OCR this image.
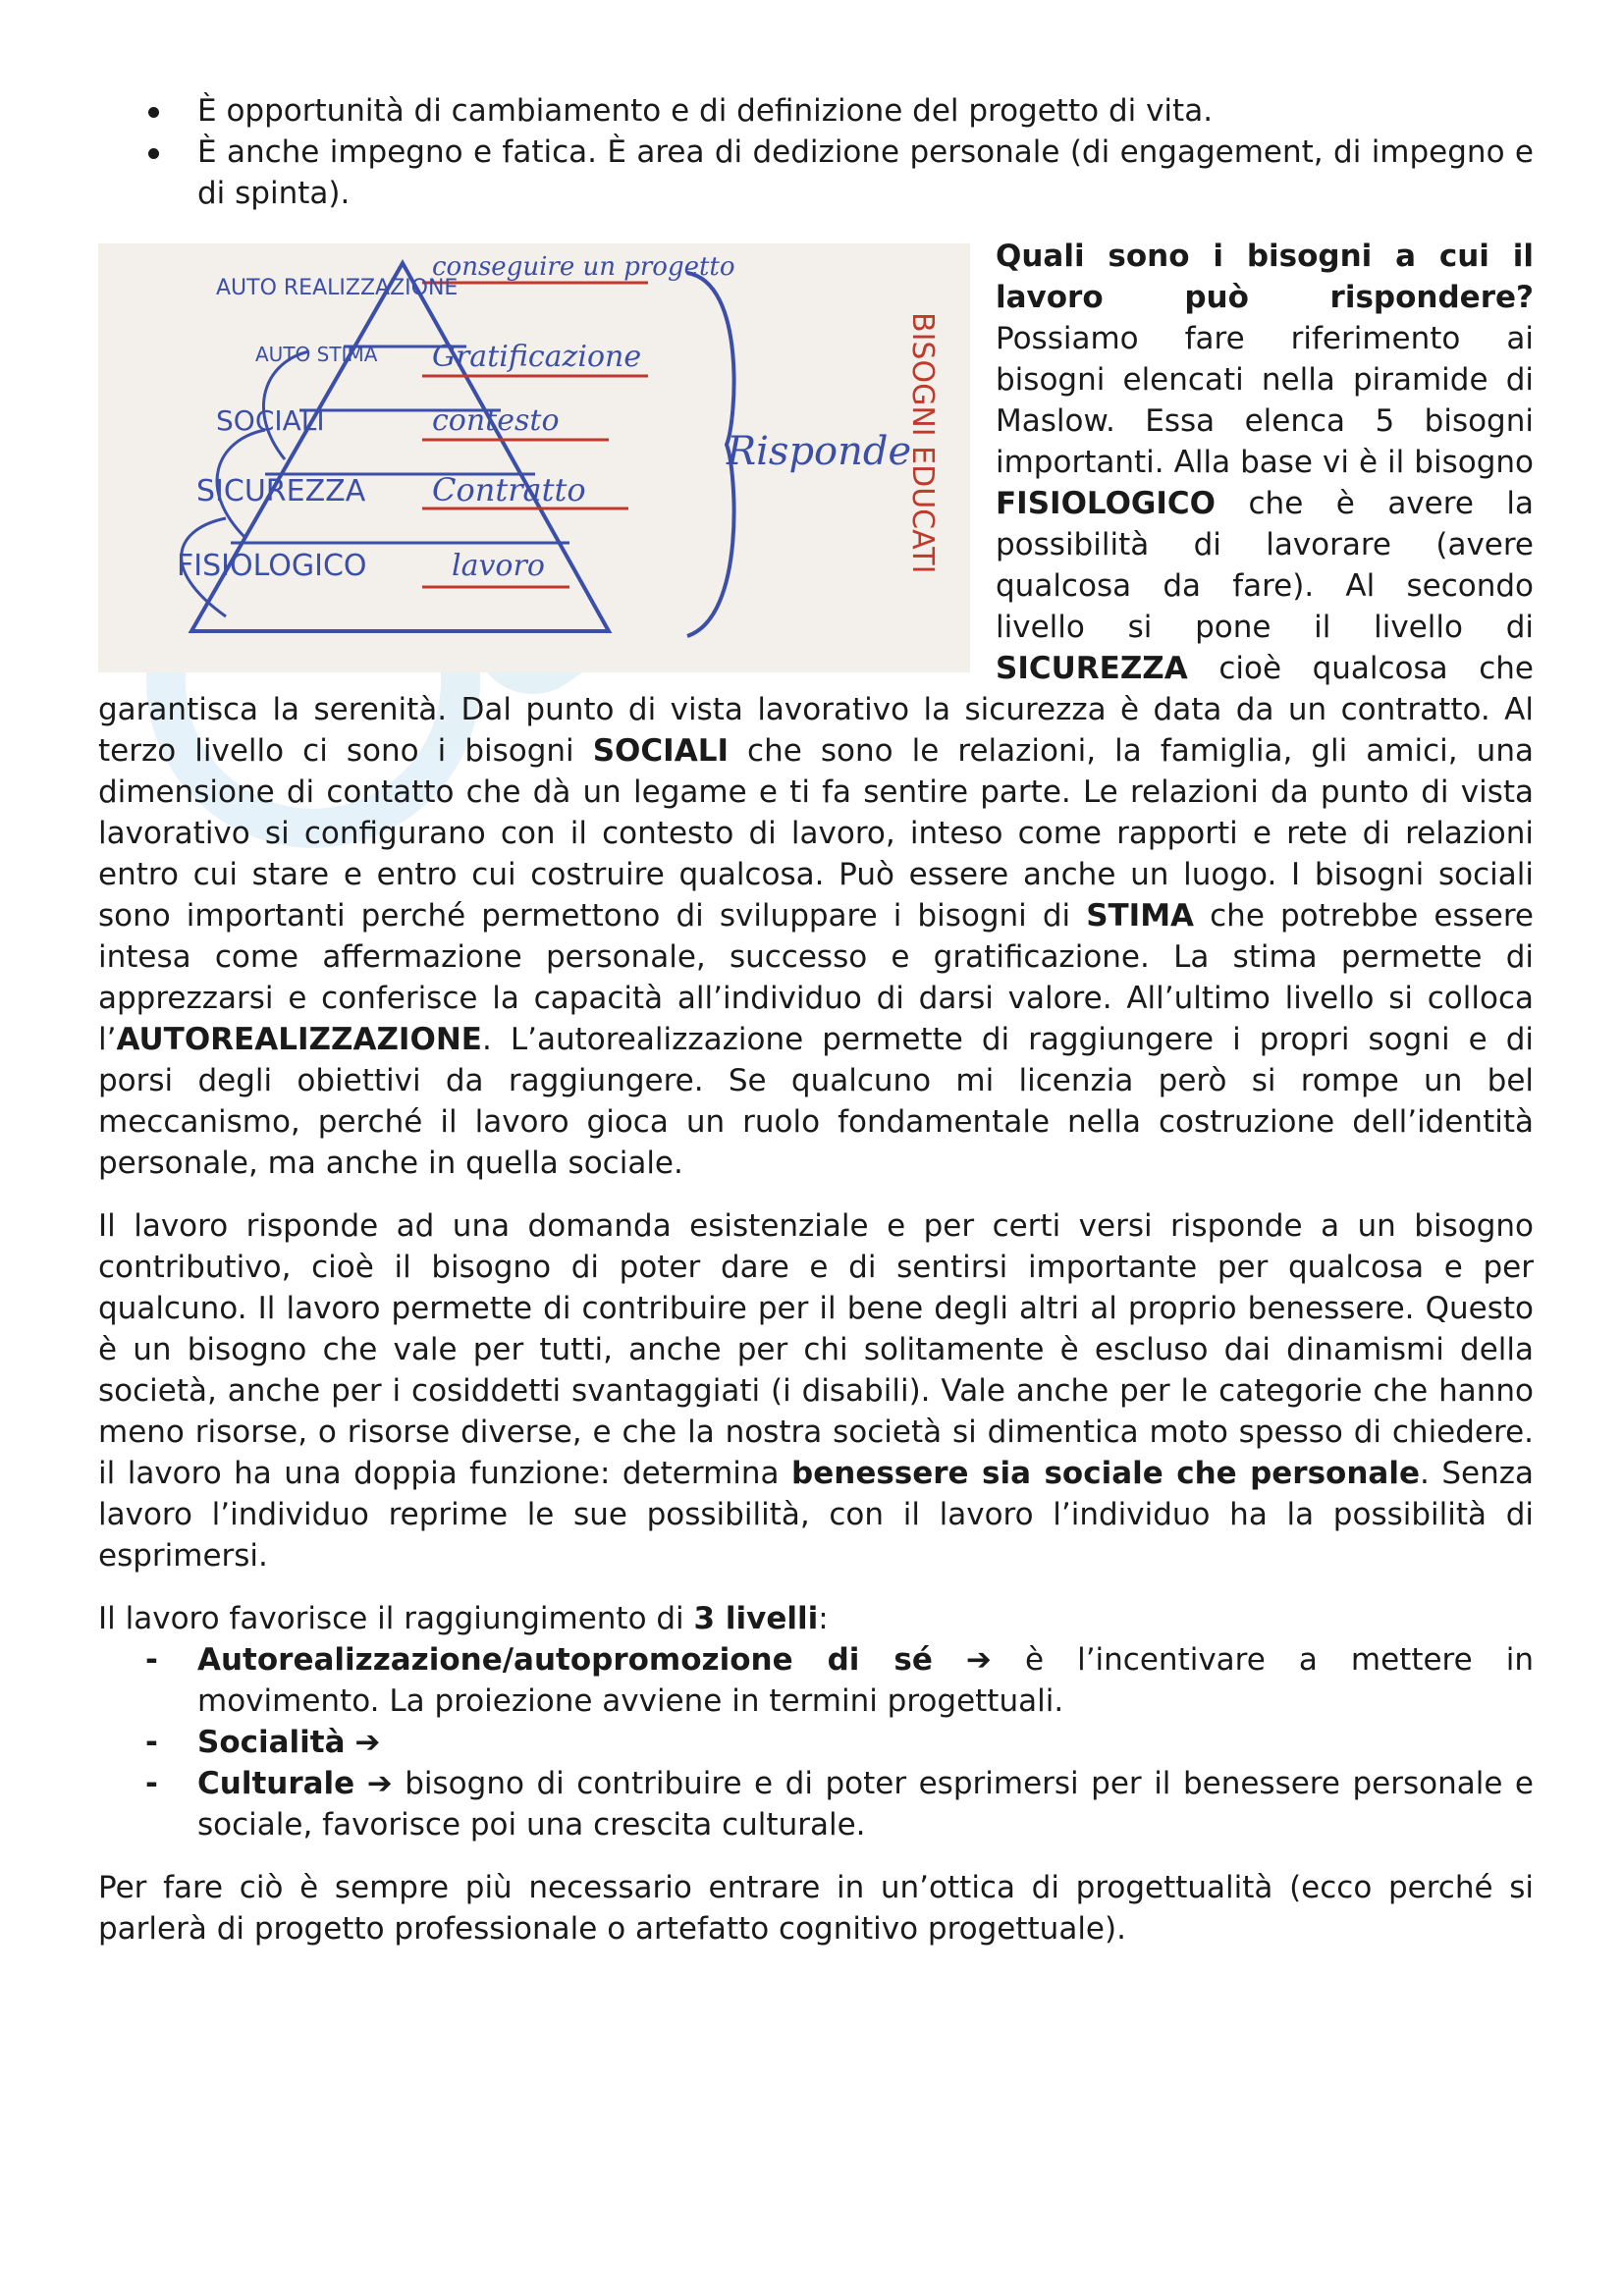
È opportunità di cambiamento e di definizione del progetto di vita.
È anche impegno e fatica. È area di dedizione personale (di engagement, di impegno e di spinta).
AUTO REALIZZAZIONE
conseguire un progetto
AUTO STIMA Gratificazione
SOCIALI	contesto
SICUREZZA Contratto
FISIOLOGICO	lavoro
Risponde
BISOGNI EDUCATI

Quali sono i bisogni a cui il lavoro può rispondere? Possiamo fare riferimento ai bisogni elencati nella piramide di Maslow. Essa elenca 5 bisogni importanti. Alla base vi è il bisogno FISIOLOGICO che è avere la possibilità di lavorare (avere qualcosa da fare). Al secondo livello si pone il livello di SICUREZZA cioè qualcosa che garantisca la serenità. Dal punto di vista lavorativo la sicurezza è data da un contratto. Al terzo livello ci sono i bisogni SOCIALI che sono le relazioni, la famiglia, gli amici, una dimensione di contatto che dà un legame e ti fa sentire parte. Le relazioni da punto di vista lavorativo si configurano con il contesto di lavoro, inteso come rapporti e rete di relazioni entro cui stare e entro cui costruire qualcosa. Può essere anche un luogo. I bisogni sociali sono importanti perché permettono di sviluppare i bisogni di STIMA che potrebbe essere intesa come affermazione personale, successo e gratificazione. La stima permette di apprezzarsi e conferisce la capacità all’individuo di darsi valore. All’ultimo livello si colloca l’AUTOREALIZZAZIONE. L’autorealizzazione permette di raggiungere i propri sogni e di porsi degli obiettivi da raggiungere. Se qualcuno mi licenzia però si rompe un bel meccanismo, perché il lavoro gioca un ruolo fondamentale nella costruzione dell’identità personale, ma anche in quella sociale.

Il lavoro risponde ad una domanda esistenziale e per certi versi risponde a un bisogno contributivo, cioè il bisogno di poter dare e di sentirsi importante per qualcosa e per qualcuno. Il lavoro permette di contribuire per il bene degli altri al proprio benessere. Questo è un bisogno che vale per tutti, anche per chi solitamente è escluso dai dinamismi della società, anche per i cosiddetti svantaggiati (i disabili). Vale anche per le categorie che hanno meno risorse, o risorse diverse, e che la nostra società si dimentica moto spesso di chiedere. il lavoro ha una doppia funzione: determina benessere sia sociale che personale. Senza lavoro l’individuo reprime le sue possibilità, con il lavoro l’individuo ha la possibilità di esprimersi.

Il lavoro favorisce il raggiungimento di 3 livelli:

- Autorealizzazione/autopromozione di sé ➔ è l’incentivare a mettere in movimento. La proiezione avviene in termini progettuali.
- Socialità ➔
- Culturale ➔ bisogno di contribuire e di poter esprimersi per il benessere personale e sociale, favorisce poi una crescita culturale.

Per fare ciò è sempre più necessario entrare in un’ottica di progettualità (ecco perché si parlerà di progetto professionale o artefatto cognitivo progettuale).
